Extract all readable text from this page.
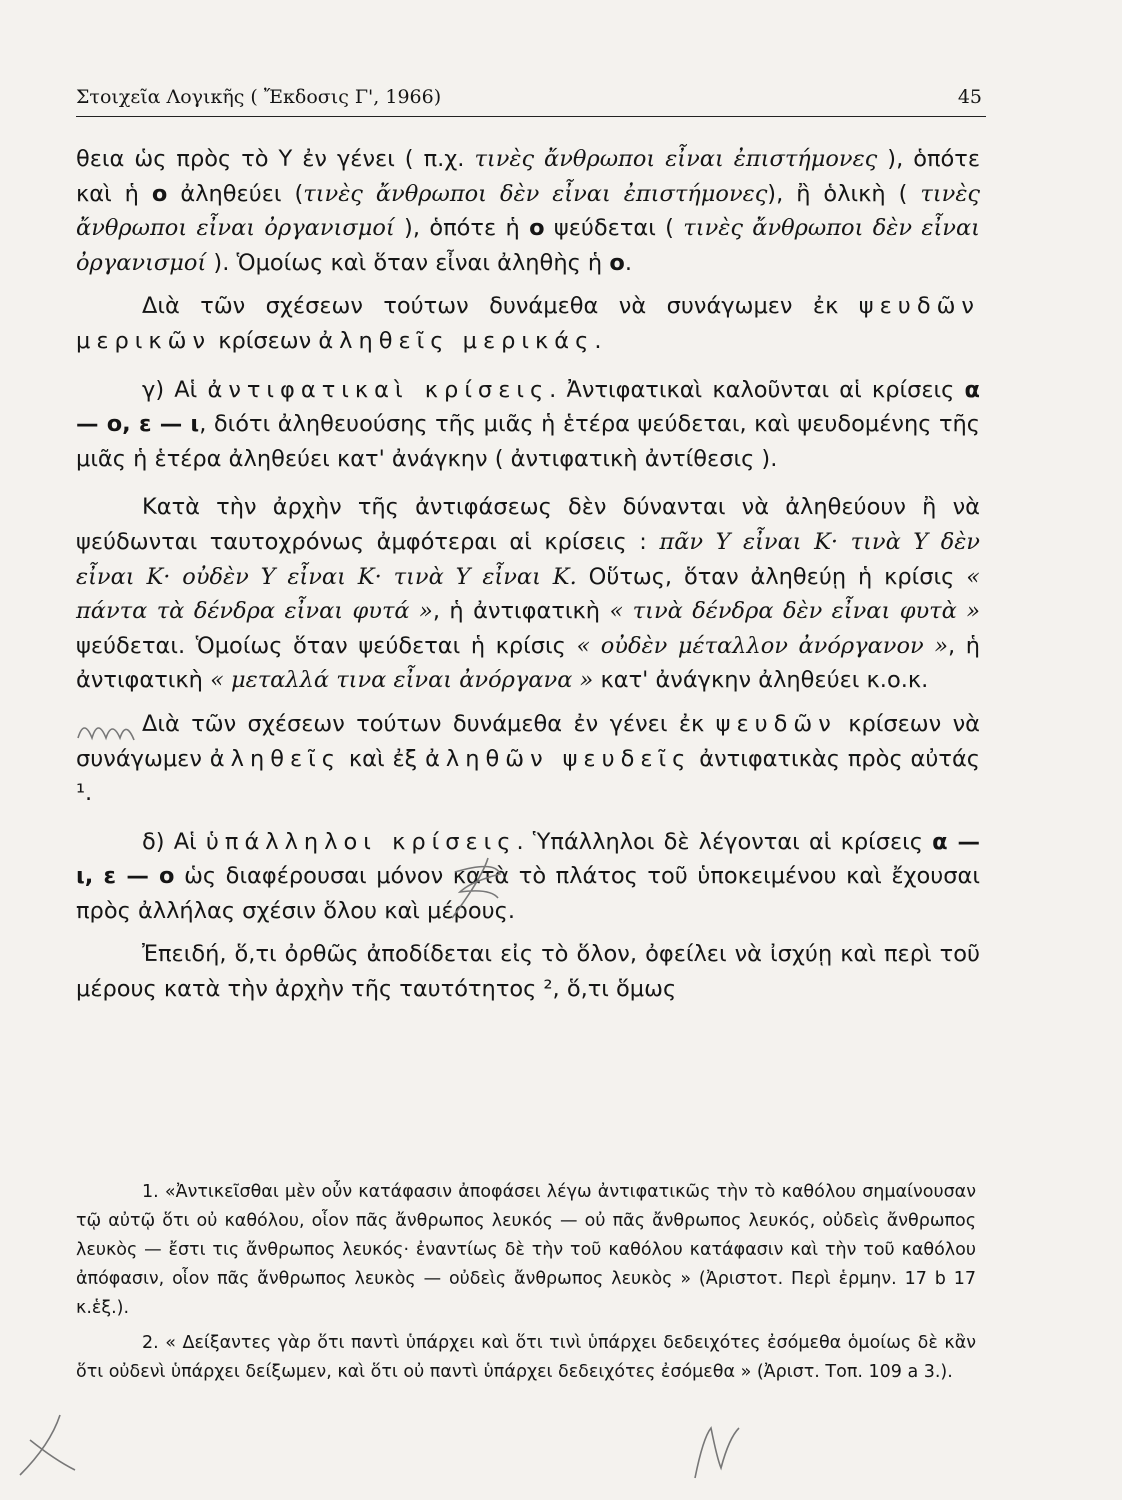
Στοιχεῖα Λογικῆς ( Ἔκδοσις Γ', 1966)	45

θεια ὡς πρὸς τὸ Υ ἐν γένει ( π.χ. τινὲς ἄνθρωποι εἶναι ἐπιστήμονες ), ὁπότε καὶ ἡ o ἀληθεύει (τινὲς ἄνθρωποι δὲν εἶναι ἐπιστήμονες), ἢ ὁλικὴ ( τινὲς ἄνθρωποι εἶναι ὀργανισμοί ), ὁπότε ἡ o ψεύδεται ( τινὲς ἄνθρωποι δὲν εἶναι ὀργανισμοί ). Ὁμοίως καὶ ὅταν εἶναι ἀληθὴς ἡ o.

Διὰ τῶν σχέσεων τούτων δυνάμεθα νὰ συνάγωμεν ἐκ ψευδῶν μερικῶν κρίσεων ἀληθεῖς μερικάς.

γ) Αἱ ἀντιφατικαὶ κρίσεις. Ἀντιφατικαὶ καλοῦνται αἱ κρίσεις α — o, ε — ι, διότι ἀληθευούσης τῆς μιᾶς ἡ ἑτέρα ψεύδεται, καὶ ψευδομένης τῆς μιᾶς ἡ ἑτέρα ἀληθεύει κατ' ἀνάγκην ( ἀντιφατικὴ ἀντίθεσις ).

Κατὰ τὴν ἀρχὴν τῆς ἀντιφάσεως δὲν δύνανται νὰ ἀληθεύουν ἢ νὰ ψεύδωνται ταυτοχρόνως ἀμφότεραι αἱ κρίσεις : πᾶν Υ εἶναι Κ· τινὰ Υ δὲν εἶναι Κ· οὐδὲν Υ εἶναι Κ· τινὰ Υ εἶναι Κ. Οὕτως, ὅταν ἀληθεύῃ ἡ κρίσις « πάντα τὰ δένδρα εἶναι φυτά », ἡ ἀντιφατικὴ « τινὰ δένδρα δὲν εἶναι φυτὰ » ψεύδεται. Ὁμοίως ὅταν ψεύδεται ἡ κρίσις « οὐδὲν μέταλλον ἀνόργανον », ἡ ἀντιφατικὴ « μεταλλά τινα εἶναι ἀνόργανα » κατ' ἀνάγκην ἀληθεύει κ.ο.κ.

Διὰ τῶν σχέσεων τούτων δυνάμεθα ἐν γένει ἐκ ψευδῶν κρίσεων νὰ συνάγωμεν ἀληθεῖς καὶ ἐξ ἀληθῶν ψευδεῖς ἀντιφατικὰς πρὸς αὐτάς ¹.

δ) Αἱ ὑπάλληλοι κρίσεις. Ὑπάλληλοι δὲ λέγονται αἱ κρίσεις α — ι, ε — o ὡς διαφέρουσαι μόνον κατὰ τὸ πλάτος τοῦ ὑποκειμένου καὶ ἔχουσαι πρὸς ἀλλήλας σχέσιν ὅλου καὶ μέρους.

Ἐπειδή, ὅ,τι ὀρθῶς ἀποδίδεται εἰς τὸ ὅλον, ὀφείλει νὰ ἰσχύῃ καὶ περὶ τοῦ μέρους κατὰ τὴν ἀρχὴν τῆς ταυτότητος ², ὅ,τι ὅμως

1. «Ἀντικεῖσθαι μὲν οὖν κατάφασιν ἀποφάσει λέγω ἀντιφατικῶς τὴν τὸ καθόλου σημαίνουσαν τῷ αὐτῷ ὅτι οὐ καθόλου, οἷον πᾶς ἄνθρωπος λευκός — οὐ πᾶς ἄνθρωπος λευκός, οὐδεὶς ἄνθρωπος λευκὸς — ἔστι τις ἄνθρωπος λευκός· ἐναντίως δὲ τὴν τοῦ καθόλου κατάφασιν καὶ τὴν τοῦ καθόλου ἀπόφασιν, οἷον πᾶς ἄνθρωπος λευκὸς — οὐδεὶς ἄνθρωπος λευκὸς » (Ἀριστοτ. Περὶ ἑρμην. 17 b 17 κ.ἑξ.).

2. « Δείξαντες γὰρ ὅτι παντὶ ὑπάρχει καὶ ὅτι τινὶ ὑπάρχει δεδειχότες ἐσόμεθα ὁμοίως δὲ κἂν ὅτι οὐδενὶ ὑπάρχει δείξωμεν, καὶ ὅτι οὐ παντὶ ὑπάρχει δεδειχότες ἐσόμεθα » (Ἀριστ. Τοπ. 109 a 3.).
